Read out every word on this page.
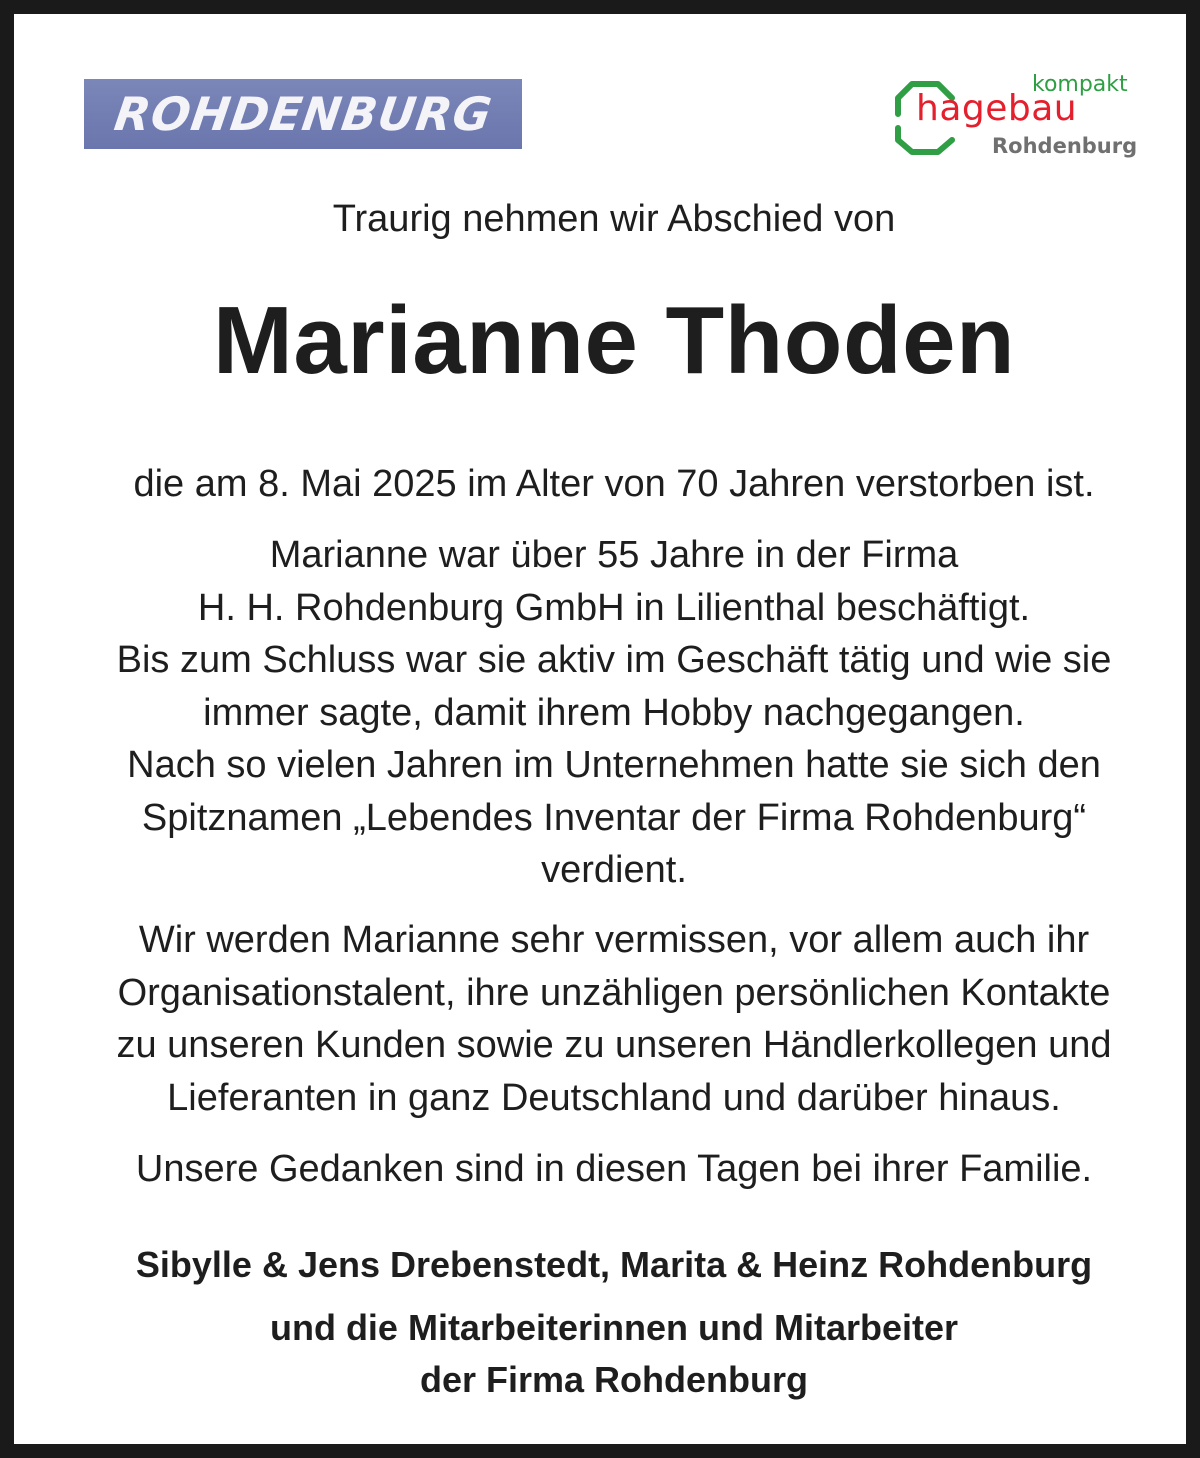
ROHDENBURG
kompakt
hagebau
Rohdenburg
Traurig nehmen wir Abschied von
Marianne Thoden
die am 8. Mai 2025 im Alter von 70 Jahren verstorben ist.
Marianne war über 55 Jahre in der Firma
H. H. Rohdenburg GmbH in Lilienthal beschäftigt.
Bis zum Schluss war sie aktiv im Geschäft tätig und wie sie
immer sagte, damit ihrem Hobby nachgegangen.
Nach so vielen Jahren im Unternehmen hatte sie sich den
Spitznamen „Lebendes Inventar der Firma Rohdenburg“
verdient.
Wir werden Marianne sehr vermissen, vor allem auch ihr
Organisationstalent, ihre unzähligen persönlichen Kontakte
zu unseren Kunden sowie zu unseren Händlerkollegen und
Lieferanten in ganz Deutschland und darüber hinaus.
Unsere Gedanken sind in diesen Tagen bei ihrer Familie.
Sibylle & Jens Drebenstedt, Marita & Heinz Rohdenburg
und die Mitarbeiterinnen und Mitarbeiter
der Firma Rohdenburg
